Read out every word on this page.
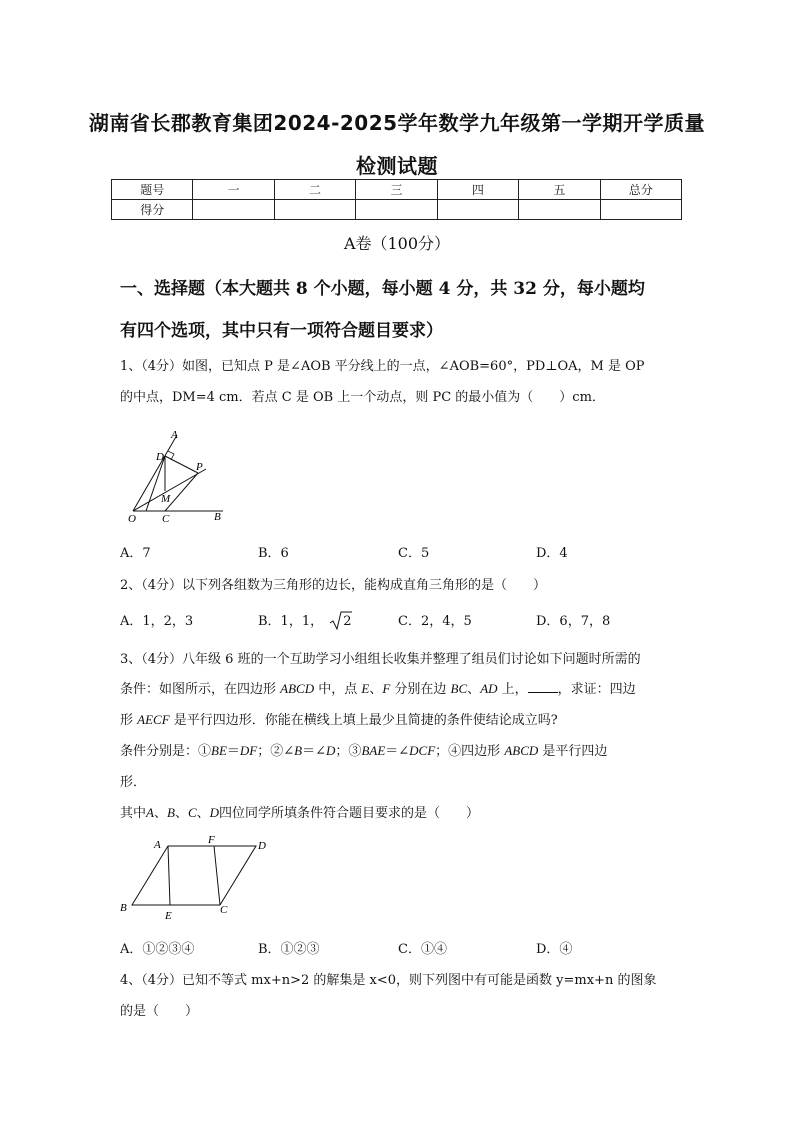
湖南省长郡教育集团2024-2025学年数学九年级第一学期开学质量
检测试题
题号	一	二	三	四	五	总分
得分						
A卷（100分）
一、选择题（本大题共 8 个小题，每小题 4 分，共 32 分，每小题均
有四个选项，其中只有一项符合题目要求）
1、（4分）如图，已知点 P 是∠AOB 平分线上的一点，∠AOB=60°，PD⊥OA，M 是 OP
的中点，DM=4 cm．若点 C 是 OB 上一个动点，则 PC 的最小值为（　　）cm．
A
D
P
M
O C	B
A．7	B．6	C．5	D．4
2、（4分）以下列各组数为三角形的边长，能构成直角三角形的是（　　）
A．1，2，3	B．1，1， 2	C．2，4，5	D．6，7，8
3、（4分）八年级 6 班的一个互助学习小组组长收集并整理了组员们讨论如下问题时所需的
条件：如图所示，在四边形 ABCD 中，点 E、F 分别在边 BC、AD 上， ，求证：四边
形 AECF 是平行四边形．你能在横线上填上最少且简捷的条件使结论成立吗?
条件分别是：①BE＝DF；②∠B＝∠D；③BAE＝∠DCF；④四边形 ABCD 是平行四边
形．
其中A、B、C、D四位同学所填条件符合题目要求的是（　　）
A	F	D
B
E	C
A．①②③④	B．①②③	C．①④	D．④
4、（4分）已知不等式 mx+n>2 的解集是 x<0，则下列图中有可能是函数 y=mx+n 的图象
的是（　　）
